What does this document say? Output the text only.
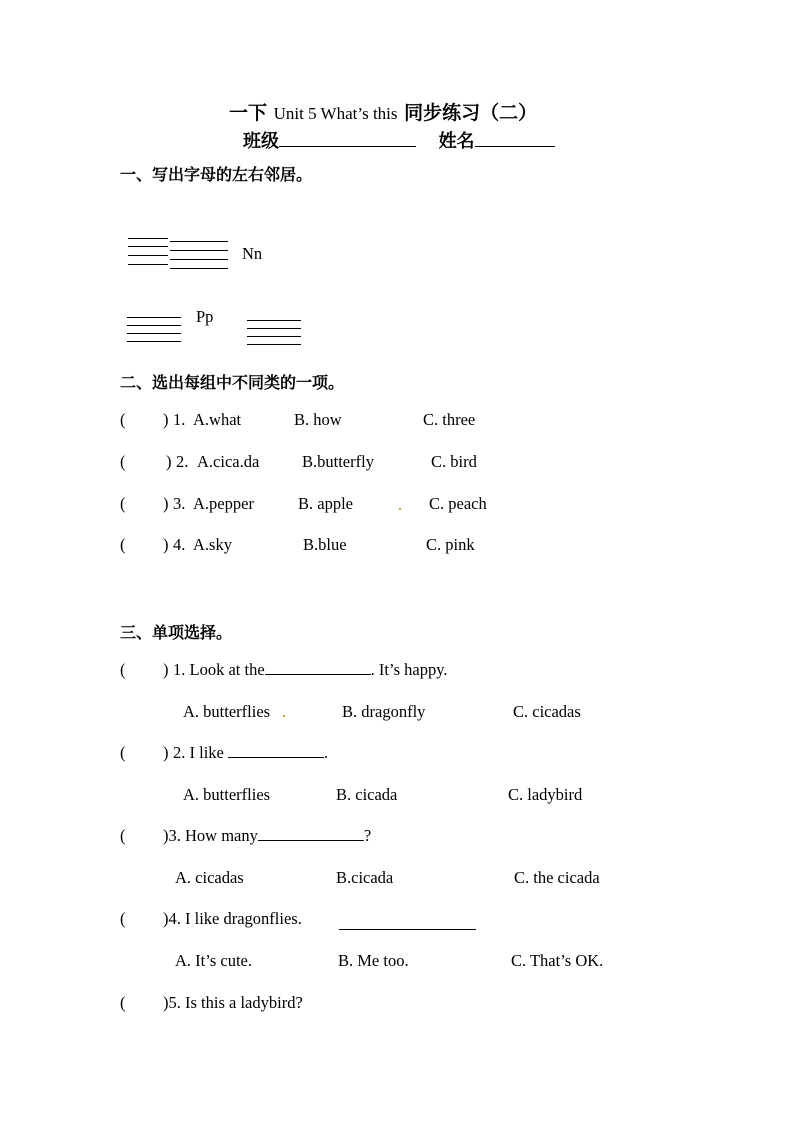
一下 Unit 5 What’s this 同步练习（二）
班级	姓名
一、写出字母的左右邻居。
Nn
Pp
二、选出每组中不同类的一项。
( ) 1. A.what	B. how	C. three
( ) 2. A.cica.da	B.butterfly	C. bird
( ) 3. A.pepper	B. apple	C. peach
( ) 4. A.sky	B.blue	C. pink
三、单项选择。
( ) 1. Look at the	. It’s happy.
A. butterflies	B. dragonfly	C. cicadas
( ) 2. I like	.
A. butterflies	B. cicada	C. ladybird
( )3. How many	?
A. cicadas	B.cicada	C. the cicada
( )4. I like dragonflies.
A. It’s cute.	B. Me too.	C. That’s OK.
( )5. Is this a ladybird?
